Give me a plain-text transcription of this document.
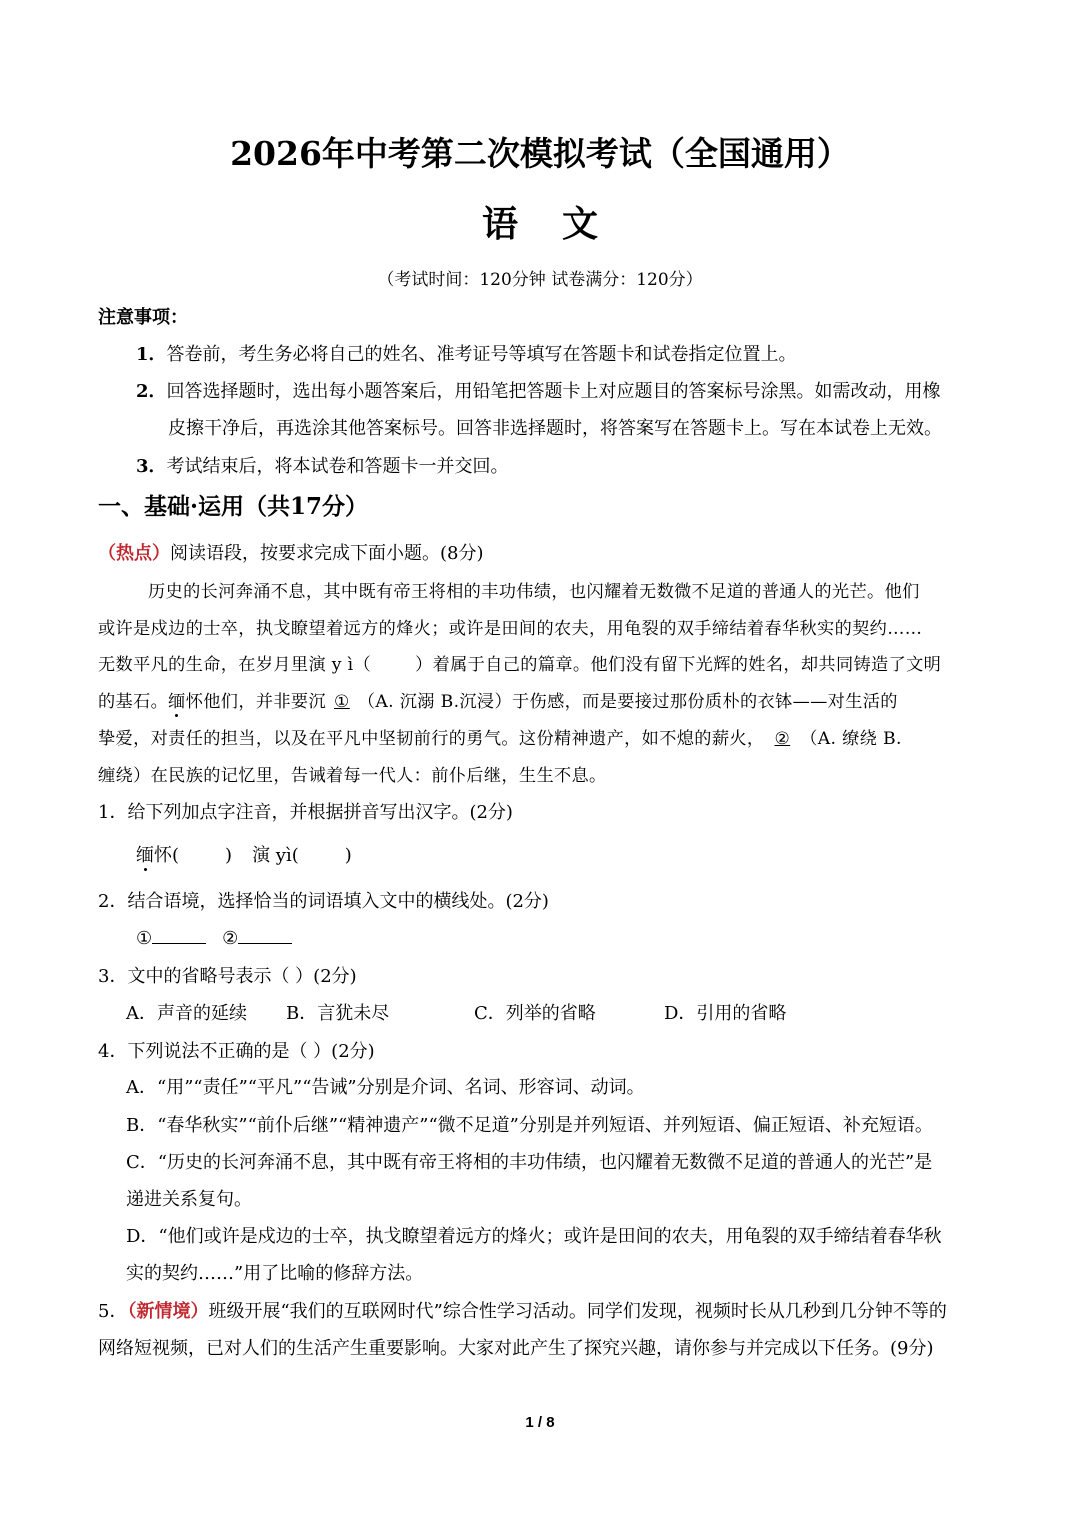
2026年中考第二次模拟考试（全国通用）
语文
（考试时间：120分钟 试卷满分：120分）
注意事项：
1．答卷前，考生务必将自己的姓名、准考证号等填写在答题卡和试卷指定位置上。
2．回答选择题时，选出每小题答案后，用铅笔把答题卡上对应题目的答案标号涂黑。如需改动，用橡
皮擦干净后，再选涂其他答案标号。回答非选择题时，将答案写在答题卡上。写在本试卷上无效。
3．考试结束后，将本试卷和答题卡一并交回。
一、基础·运用（共17分）
（热点）阅读语段，按要求完成下面小题。(8分)
历史的长河奔涌不息，其中既有帝王将相的丰功伟绩，也闪耀着无数微不足道的普通人的光芒。他们
或许是戍边的士卒，执戈瞭望着远方的烽火；或许是田间的农夫，用龟裂的双手缔结着春华秋实的契约……
无数平凡的生命，在岁月里演 y ì（	）着属于自己的篇章。他们没有留下光辉的姓名，却共同铸造了文明
的基石。缅怀他们，并非要沉 ① （A. 沉溺 B.沉浸）于伤感，而是要接过那份质朴的衣钵——对生活的
挚爱，对责任的担当，以及在平凡中坚韧前行的勇气。这份精神遗产，如不熄的薪火， ② （A. 缭绕 B.
缠绕）在民族的记忆里，告诫着每一代人：前仆后继，生生不息。
1．给下列加点字注音，并根据拼音写出汉字。(2分)
缅怀(	) 演 yì(	)
2．结合语境，选择恰当的词语填入文中的横线处。(2分)
①	②
3．文中的省略号表示（ ）(2分)
A．声音的延续 B．言犹未尽	C．列举的省略	D．引用的省略
4．下列说法不正确的是（ ）(2分)
A．“用”“责任”“平凡”“告诫”分别是介词、名词、形容词、动词。
B．“春华秋实”“前仆后继”“精神遗产”“微不足道”分别是并列短语、并列短语、偏正短语、补充短语。
C．“历史的长河奔涌不息，其中既有帝王将相的丰功伟绩，也闪耀着无数微不足道的普通人的光芒”是
递进关系复句。
D．“他们或许是戍边的士卒，执戈瞭望着远方的烽火；或许是田间的农夫，用龟裂的双手缔结着春华秋
实的契约……”用了比喻的修辞方法。
5．（新情境）班级开展“我们的互联网时代”综合性学习活动。同学们发现，视频时长从几秒到几分钟不等的
网络短视频，已对人们的生活产生重要影响。大家对此产生了探究兴趣，请你参与并完成以下任务。(9分)
1 / 8
